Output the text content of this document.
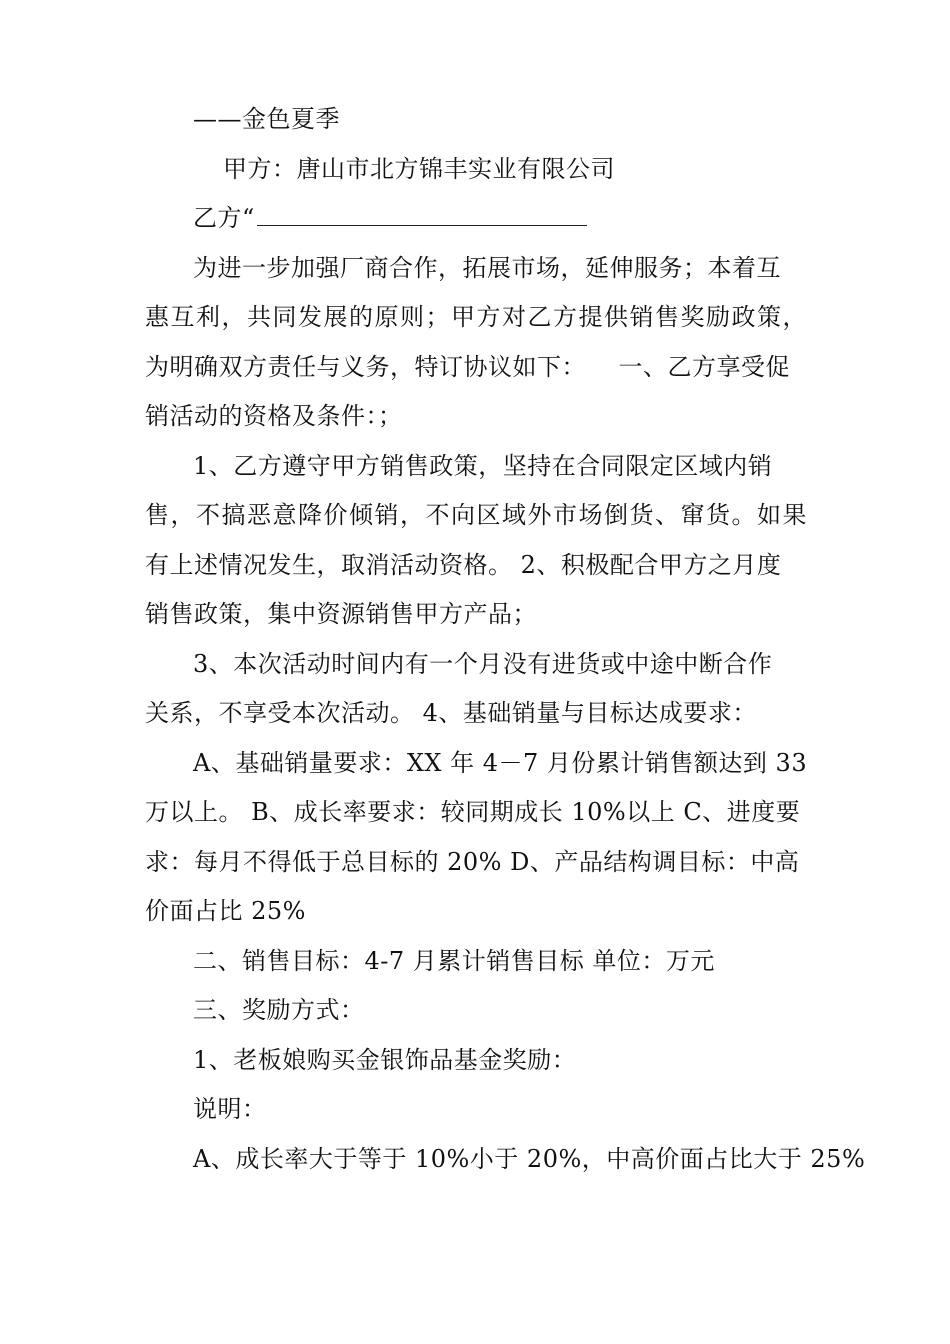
——金色夏季
甲方：唐山市北方锦丰实业有限公司
乙方“
为进一步加强厂商合作，拓展市场，延伸服务；本着互
惠互利，共同发展的原则；甲方对乙方提供销售奖励政策，
为明确双方责任与义务，特订协议如下：    一、乙方享受促
销活动的资格及条件：；
1、乙方遵守甲方销售政策，坚持在合同限定区域内销
售，不搞恶意降价倾销，不向区域外市场倒货、窜货。如果
有上述情况发生，取消活动资格。 2、积极配合甲方之月度
销售政策，集中资源销售甲方产品；
3、本次活动时间内有一个月没有进货或中途中断合作
关系，不享受本次活动。 4、基础销量与目标达成要求：
A、基础销量要求：XX 年 4－7 月份累计销售额达到 33
万以上。 B、成长率要求：较同期成长 10%以上 C、进度要
求：每月不得低于总目标的 20% D、产品结构调目标：中高
价面占比 25%
二、销售目标：4-7 月累计销售目标 单位：万元
三、奖励方式：
1、老板娘购买金银饰品基金奖励：
说明：
A、成长率大于等于 10%小于 20%，中高价面占比大于 25%
